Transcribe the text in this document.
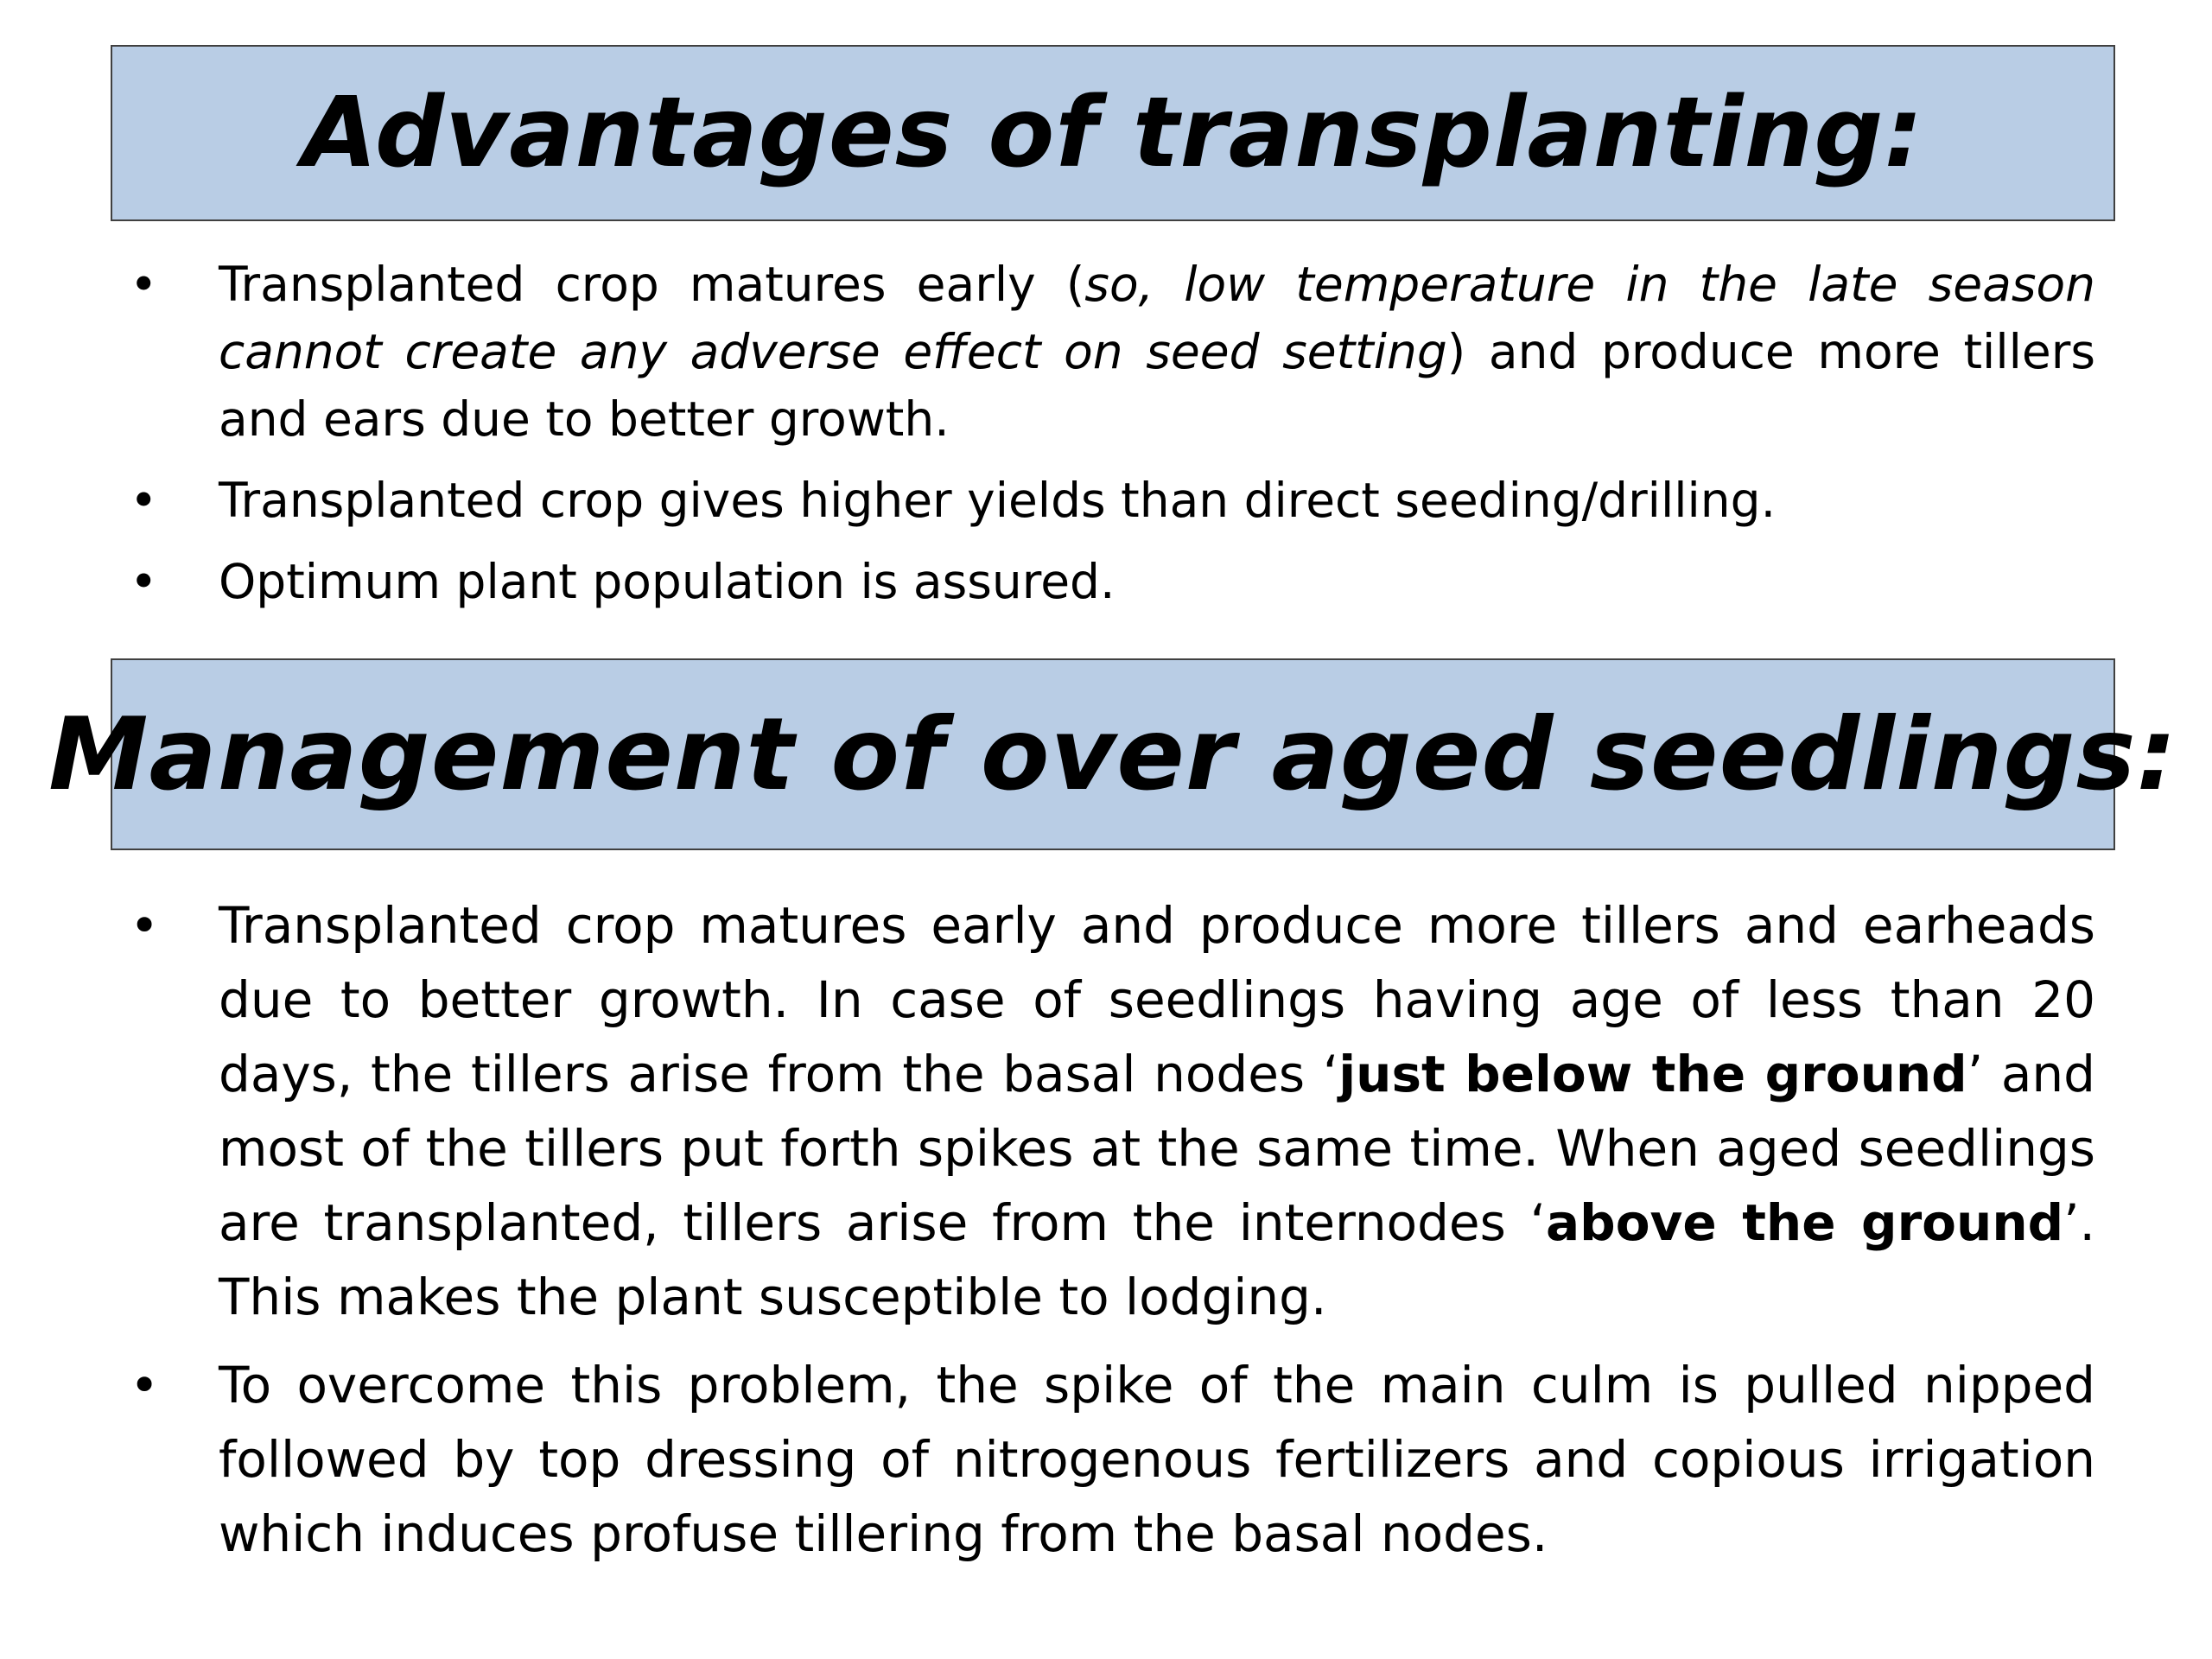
Advantages of transplanting:
• Transplanted crop matures early (so, low temperature in the late season cannot create any adverse effect on seed setting) and produce more tillers and ears due to better growth.
• Transplanted crop gives higher yields than direct seeding/drilling.
• Optimum plant population is assured.
Management of over aged seedlings:
• Transplanted crop matures early and produce more tillers and earheads due to better growth. In case of seedlings having age of less than 20 days, the tillers arise from the basal nodes ‘just below the ground’ and most of the tillers put forth spikes at the same time. When aged seedlings are transplanted, tillers arise from the internodes ‘above the ground’. This makes the plant susceptible to lodging.
• To overcome this problem, the spike of the main culm is pulled nipped followed by top dressing of nitrogenous fertilizers and copious irrigation which induces profuse tillering from the basal nodes.
